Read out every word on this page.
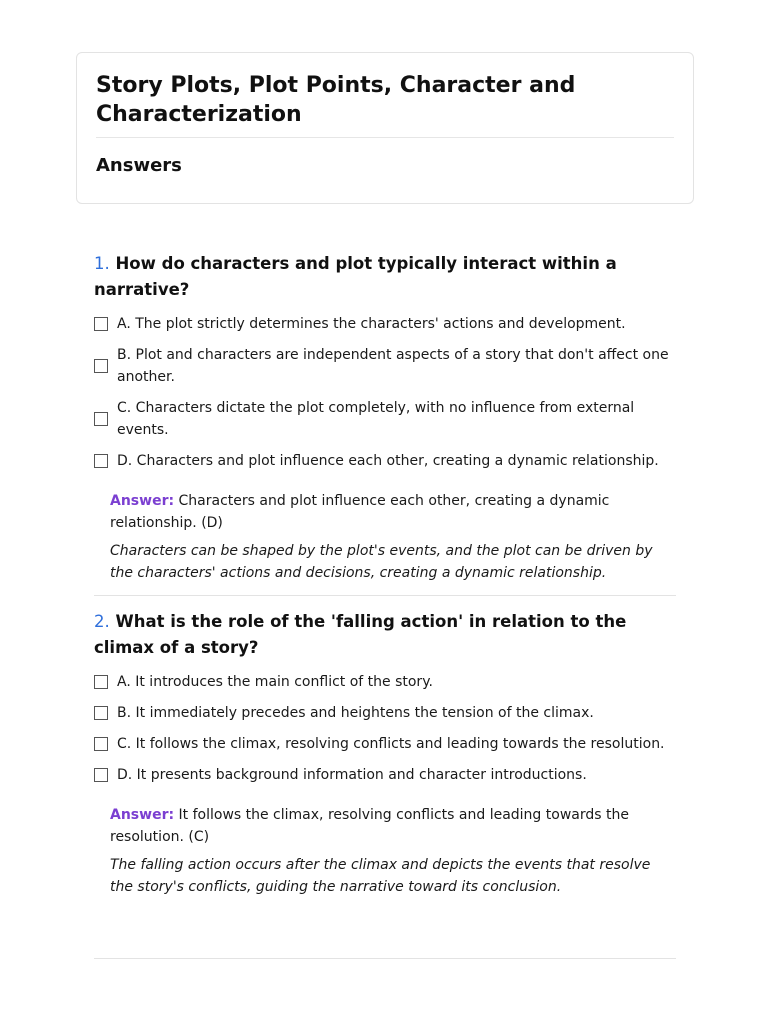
Story Plots, Plot Points, Character and Characterization
Answers
1. How do characters and plot typically interact within a narrative?
A. The plot strictly determines the characters' actions and development.
B. Plot and characters are independent aspects of a story that don't affect one another.
C. Characters dictate the plot completely, with no influence from external events.
D. Characters and plot influence each other, creating a dynamic relationship.
Answer: Characters and plot influence each other, creating a dynamic relationship. (D)
Characters can be shaped by the plot's events, and the plot can be driven by the characters' actions and decisions, creating a dynamic relationship.
2. What is the role of the 'falling action' in relation to the climax of a story?
A. It introduces the main conflict of the story.
B. It immediately precedes and heightens the tension of the climax.
C. It follows the climax, resolving conflicts and leading towards the resolution.
D. It presents background information and character introductions.
Answer: It follows the climax, resolving conflicts and leading towards the resolution. (C)
The falling action occurs after the climax and depicts the events that resolve the story's conflicts, guiding the narrative toward its conclusion.
